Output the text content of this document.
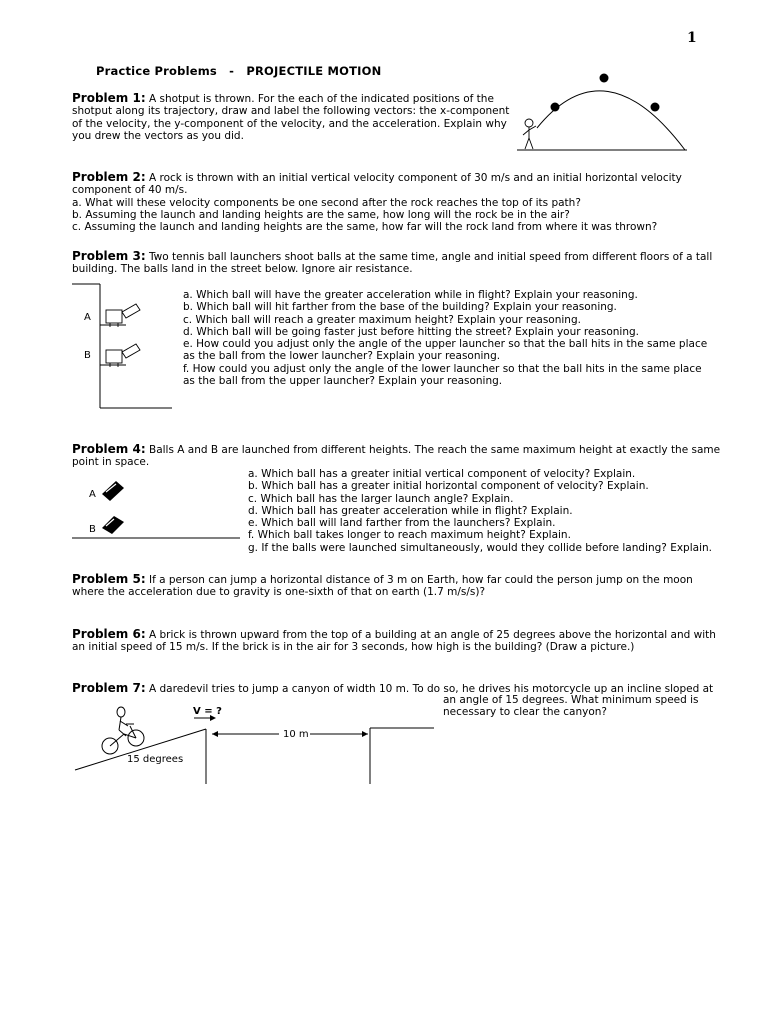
1
Practice Problems - PROJECTILE MOTION
Problem 1: A shotput is thrown. For the each of the indicated positions of the
shotput along its trajectory, draw and label the following vectors: the x-component
of the velocity, the y-component of the velocity, and the acceleration. Explain why
you drew the vectors as you did.
Problem 2: A rock is thrown with an initial vertical velocity component of 30 m/s and an initial horizontal velocity
component of 40 m/s.
a. What will these velocity components be one second after the rock reaches the top of its path?
b. Assuming the launch and landing heights are the same, how long will the rock be in the air?
c. Assuming the launch and landing heights are the same, how far will the rock land from where it was thrown?
Problem 3: Two tennis ball launchers shoot balls at the same time, angle and initial speed from different floors of a tall
building. The balls land in the street below. Ignore air resistance.
A
B
a. Which ball will have the greater acceleration while in flight? Explain your reasoning.
b. Which ball will hit farther from the base of the building? Explain your reasoning.
c. Which ball will reach a greater maximum height? Explain your reasoning.
d. Which ball will be going faster just before hitting the street? Explain your reasoning.
e. How could you adjust only the angle of the upper launcher so that the ball hits in the same place
as the ball from the lower launcher? Explain your reasoning.
f. How could you adjust only the angle of the lower launcher so that the ball hits in the same place
as the ball from the upper launcher? Explain your reasoning.
Problem 4: Balls A and B are launched from different heights. The reach the same maximum height at exactly the same
point in space.
A
B
a. Which ball has a greater initial vertical component of velocity? Explain.
b. Which ball has a greater initial horizontal component of velocity? Explain.
c. Which ball has the larger launch angle? Explain.
d. Which ball has greater acceleration while in flight? Explain.
e. Which ball will land farther from the launchers? Explain.
f. Which ball takes longer to reach maximum height? Explain.
g. If the balls were launched simultaneously, would they collide before landing? Explain.
Problem 5: If a person can jump a horizontal distance of 3 m on Earth, how far could the person jump on the moon
where the acceleration due to gravity is one-sixth of that on earth (1.7 m/s/s)?
Problem 6: A brick is thrown upward from the top of a building at an angle of 25 degrees above the horizontal and with
an initial speed of 15 m/s. If the brick is in the air for 3 seconds, how high is the building? (Draw a picture.)
Problem 7: A daredevil tries to jump a canyon of width 10 m. To do so, he drives his motorcycle up an incline sloped at
an angle of 15 degrees. What minimum speed is
necessary to clear the canyon?
15 degrees
V = ?
10 m
